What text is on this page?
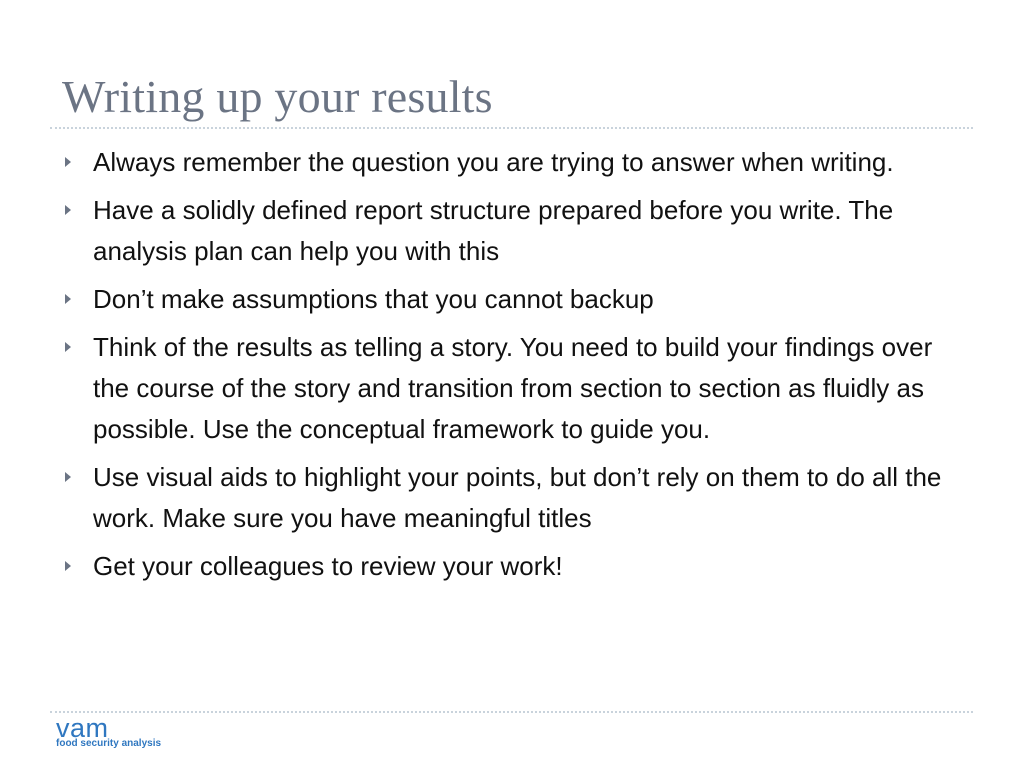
Writing up your results
Always remember the question you are trying to answer when writing.
Have a solidly defined report structure prepared before you write. The analysis plan can help you with this
Don’t make assumptions that you cannot backup
Think of the results as telling a story. You need to build your findings over the course of the story and transition from section to section as fluidly as possible. Use the conceptual framework to guide you.
Use visual aids to highlight your points, but don’t rely on them to do all the work. Make sure you have meaningful titles
Get your colleagues to review your work!
vam
food security analysis
